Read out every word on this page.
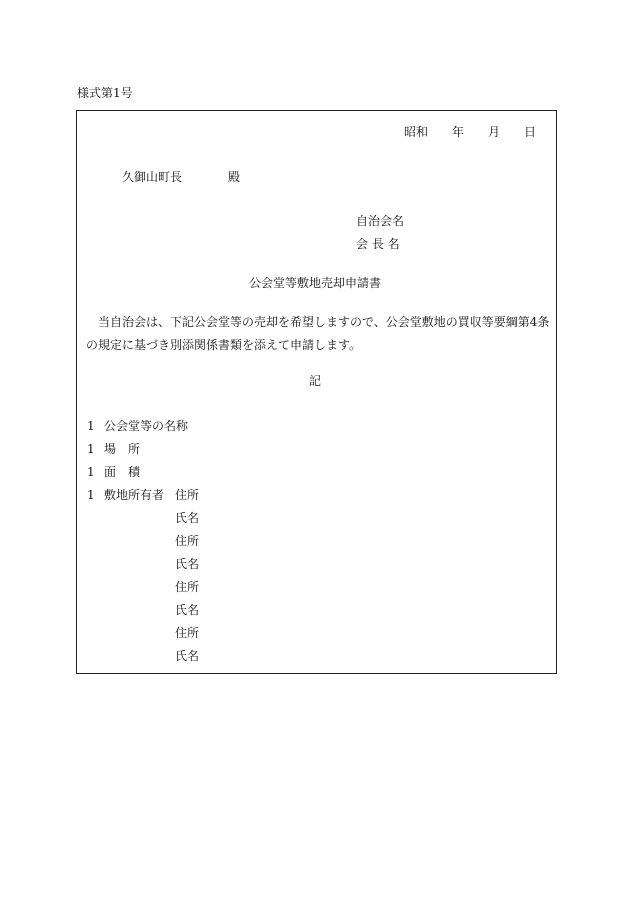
様式第1号
昭和 年 月 日
久御山町長	殿
自治会名
会 長 名
公会堂等敷地売却申請書
当自治会は、下記公会堂等の売却を希望しますので、公会堂敷地の買収等要綱第4条
の規定に基づき別添関係書類を添えて申請します。
記
1 公会堂等の名称
1 場　所
1 面　積
1 敷地所有者 住所
氏名
住所
氏名
住所
氏名
住所
氏名
